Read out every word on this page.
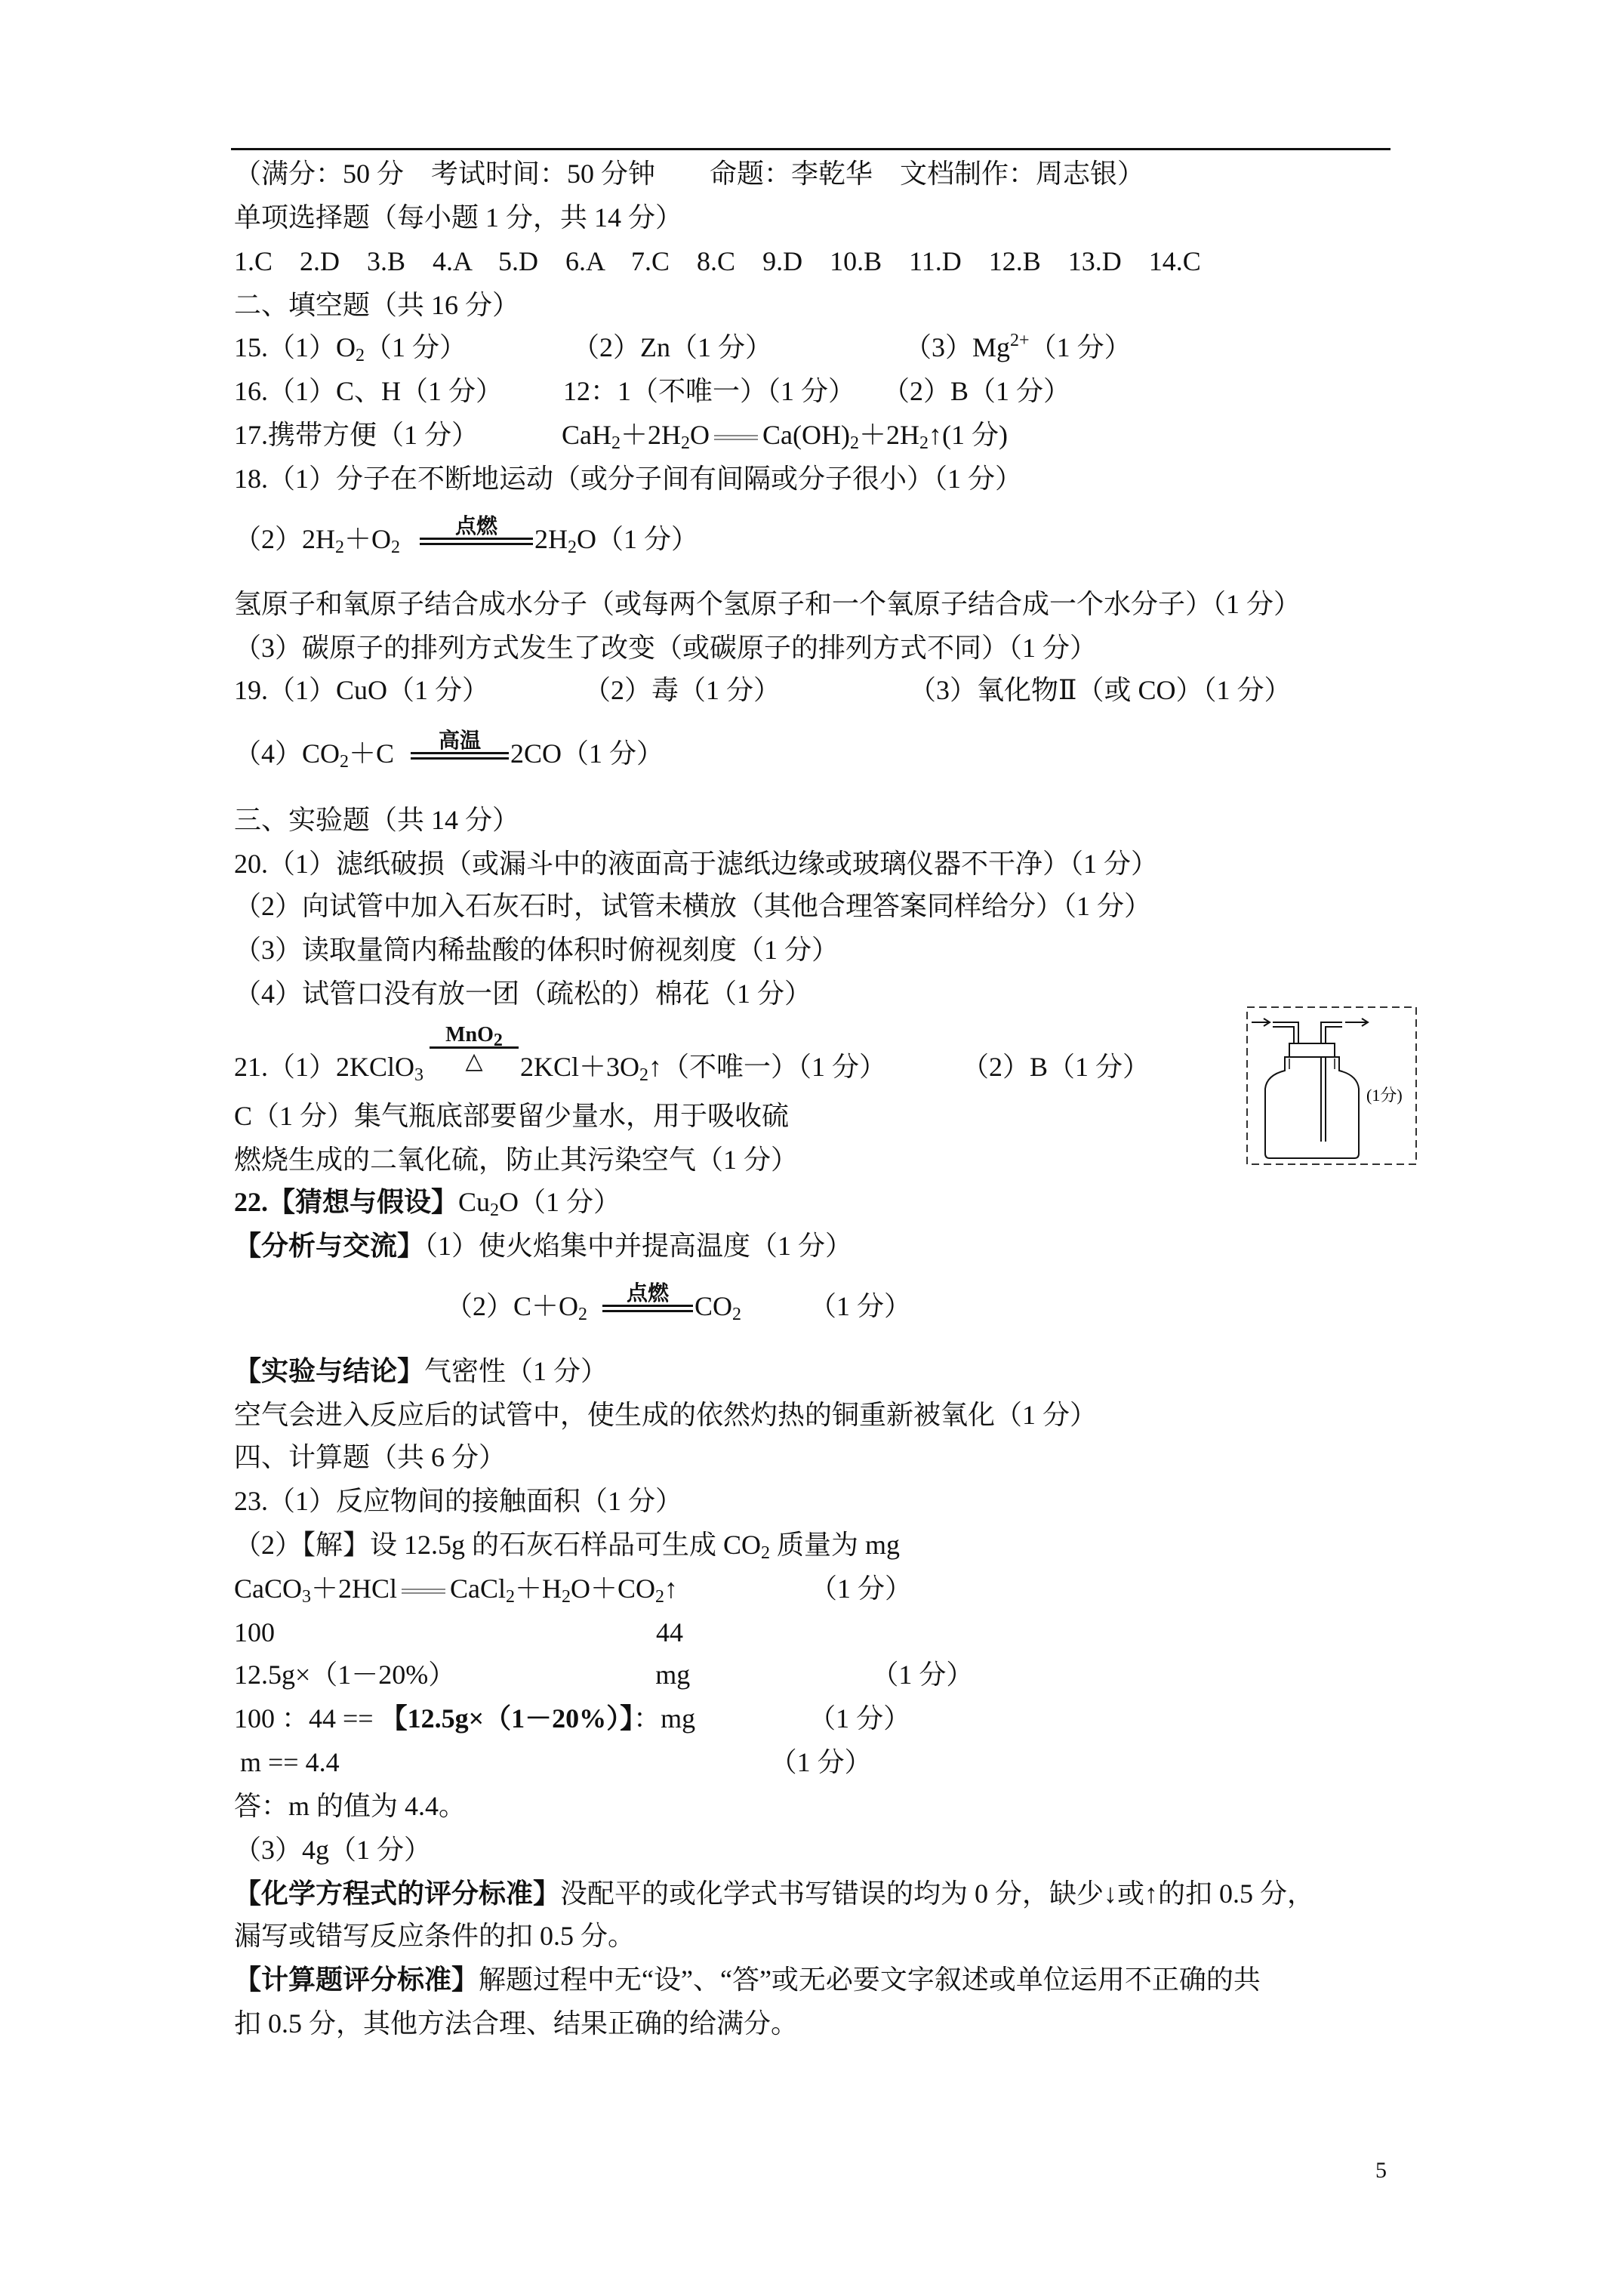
（满分：50 分　考试时间：50 分钟　　命题：李乾华　文档制作：周志银）
单项选择题（每小题 1 分，共 14 分）
1.C　2.D　3.B　4.A　5.D　6.A　7.C　8.C　9.D　10.B　11.D　12.B　13.D　14.C
二、填空题（共 16 分）
$15.(1)O_2(1$ 分）	（2）Zn（1 分）	$(3)Mg^{2+}(1$ 分）
16.（1）C、H（1 分） 12：1（不唯一）（1 分） （2）B（1 分）
17.携带方便（1 分）	$CaH_2+2H_2O$ $Ca(OH)_2+2H_2↑(1$ 分)
18.（1）分子在不断地运动（或分子间有间隔或分子很小）（1 分）
$(2)2H_2+O_2$
点燃	$2H_2O(1$ 分）
氢原子和氧原子结合成水分子（或每两个氢原子和一个氧原子结合成一个水分子）（1 分）
（3）碳原子的排列方式发生了改变（或碳原子的排列方式不同）（1 分）
19.（1）CuO（1 分）	（2）毒（1 分）	（3）氧化物Ⅱ（或 CO）（1 分）
$(4)CO_2+C$	高温	2CO（1 分）
三、实验题（共 14 分）
20.（1）滤纸破损（或漏斗中的液面高于滤纸边缘或玻璃仪器不干净）（1 分）
（2）向试管中加入石灰石时，试管未横放（其他合理答案同样给分）（1 分）
（3）读取量筒内稀盐酸的体积时俯视刻度（1 分）
（4）试管口没有放一团（疏松的）棉花（1 分）
21.（1）2KClO$_3$
MnO$_2$
△	$2KCl+3O_2↑$（不唯一）（1 分）	（2）B（1 分）
C（1 分）集气瓶底部要留少量水，用于吸收硫
燃烧生成的二氧化硫，防止其污染空气（1 分）
(1分)
22.【猜想与假设】$Cu_2O(1$ 分）
【分析与交流】（1）使火焰集中并提高温度（1 分）
$(2)C+O_2$
点燃 $CO_2$	（1 分）
【实验与结论】气密性（1 分）
空气会进入反应后的试管中，使生成的依然灼热的铜重新被氧化（1 分）
四、计算题（共 6 分）
23.（1）反应物间的接触面积（1 分）
（2）【解】设 12.5g 的石灰石样品可生成 $CO_2$ 质量为 mg
CaCO$_3$＋2HCl $CaCl_2+H_2O+CO_2↑$	（1 分）
100	44
12.5g×（1－20%）	mg	（1 分）
100 ：44 == 【12.5g×（1－20%）】：mg	（1 分）
m == 4.4	（1 分）
答：m 的值为 4.4。
（3）4g（1 分）
【化学方程式的评分标准】没配平的或化学式书写错误的均为 0 分，缺少↓或↑的扣 0.5 分，
漏写或错写反应条件的扣 0.5 分。
【计算题评分标准】解题过程中无“设”、“答”或无必要文字叙述或单位运用不正确的共
扣 0.5 分，其他方法合理、结果正确的给满分。
5
